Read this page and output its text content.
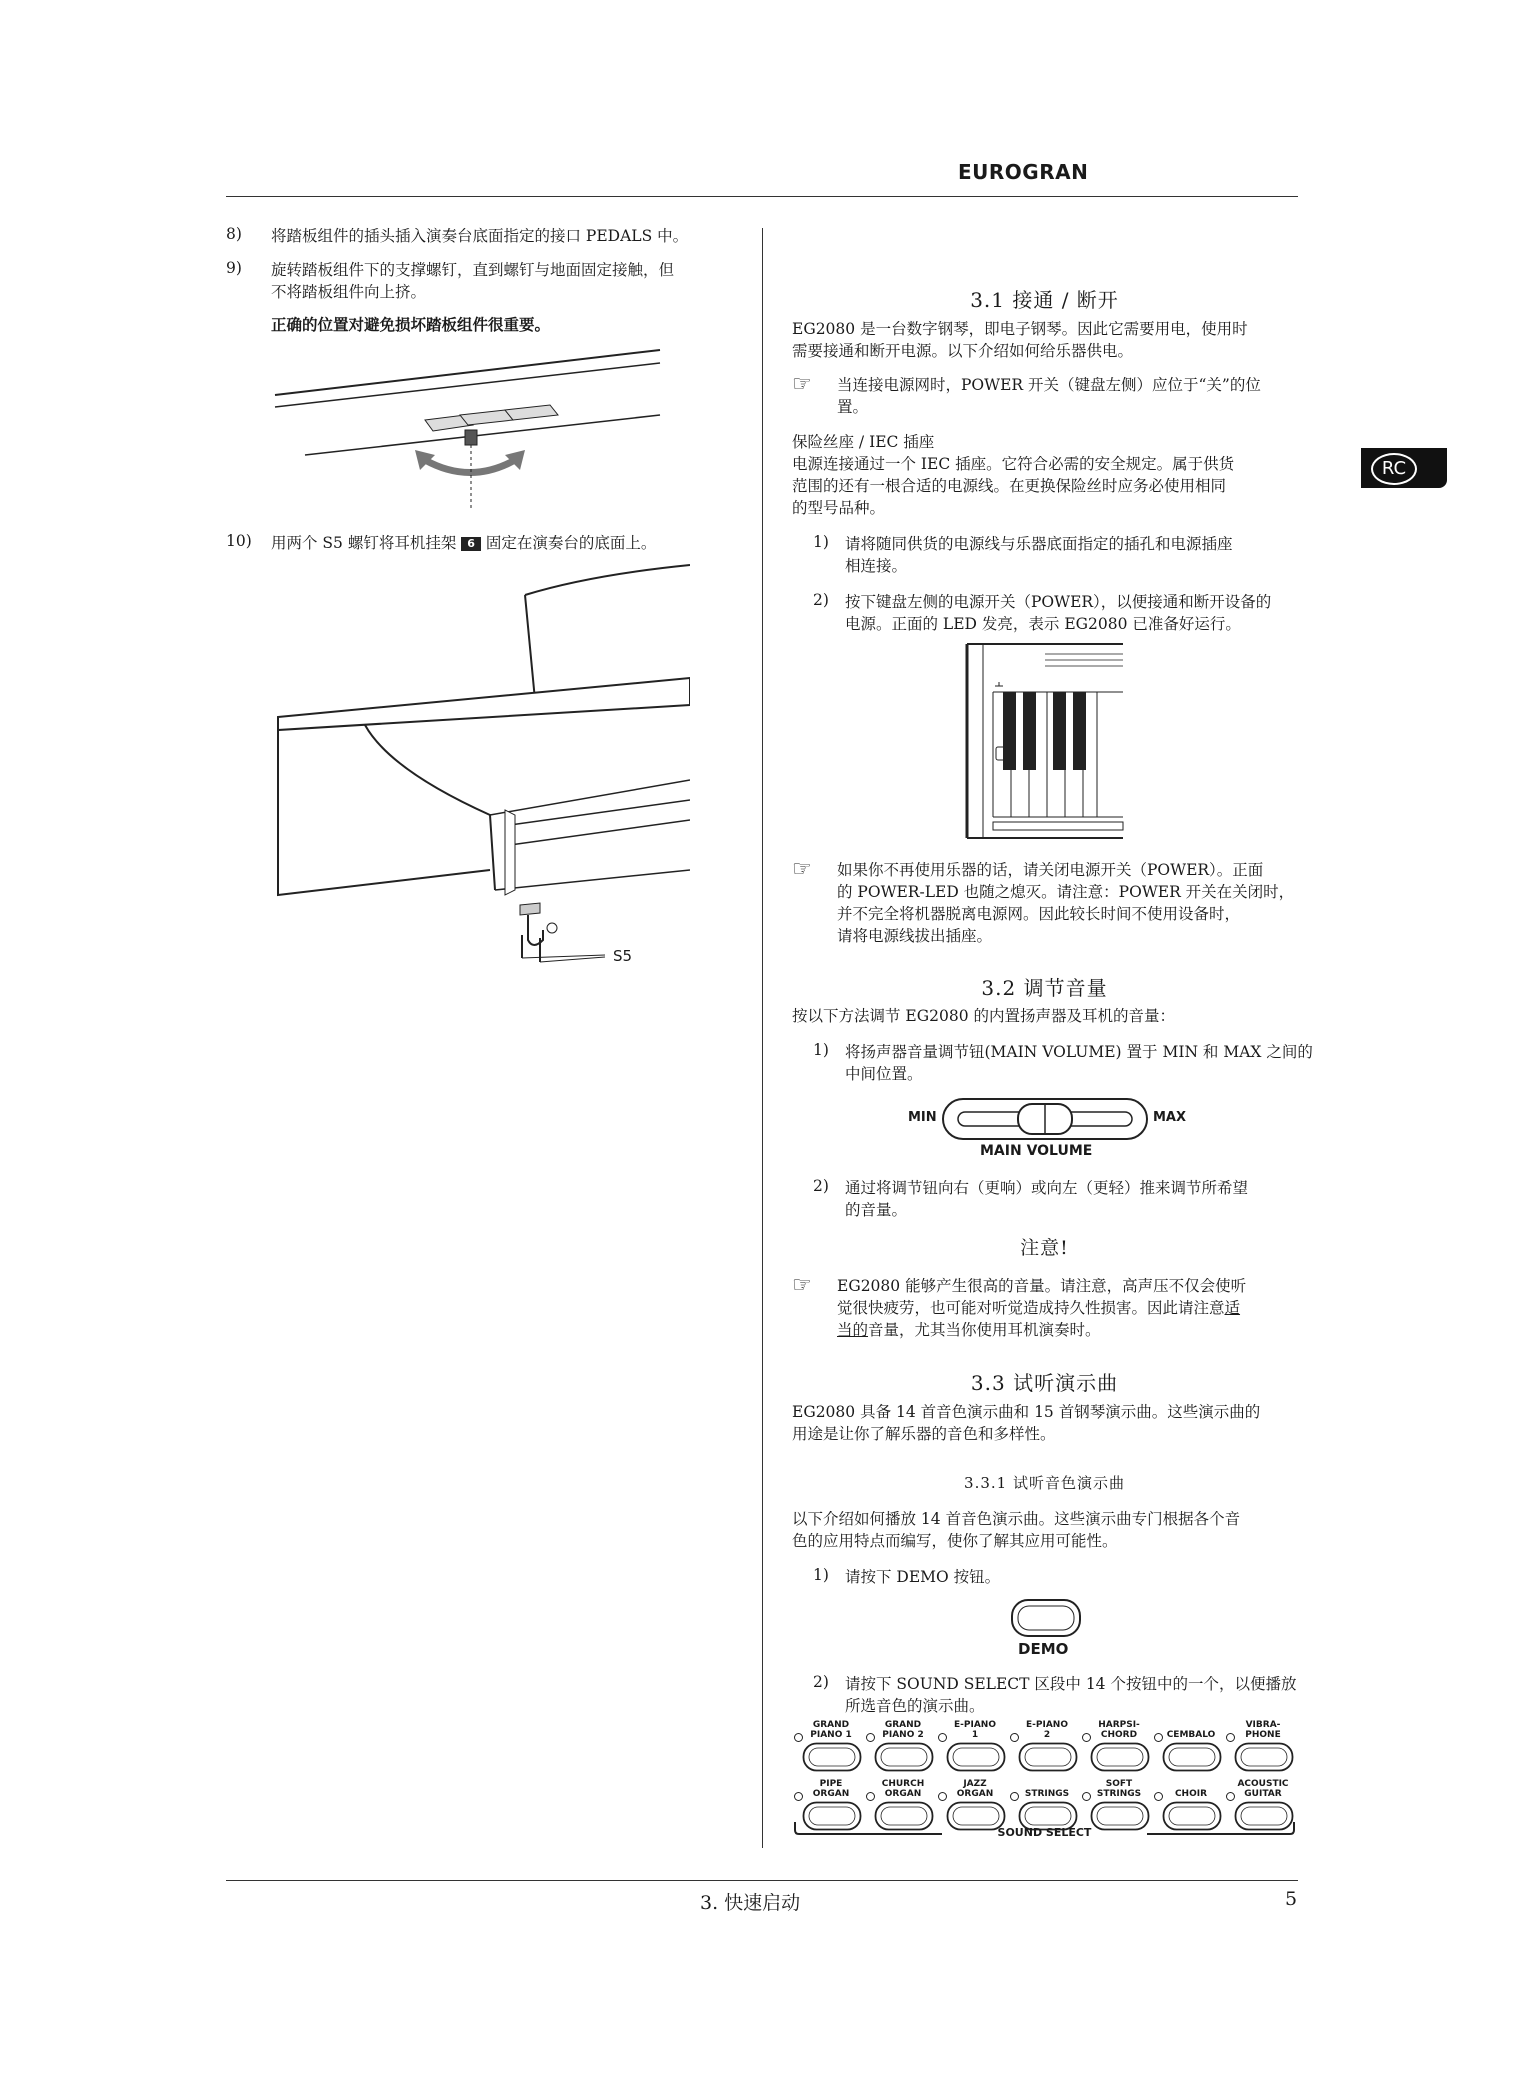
EUROGRAN
RC
8) 将踏板组件的插头插入演奏台底面指定的接口 PEDALS 中。
9) 旋转踏板组件下的支撑螺钉，直到螺钉与地面固定接触，但
不将踏板组件向上挤。
正确的位置对避免损坏踏板组件很重要。
10) 用两个 S5 螺钉将耳机挂架 6 固定在演奏台的底面上。
S5
3.1 接通 / 断开
EG2080 是一台数字钢琴，即电子钢琴。因此它需要用电，使用时
需要接通和断开电源。以下介绍如何给乐器供电。
☞ 当连接电源网时，POWER 开关（键盘左侧）应位于“关”的位
置。
保险丝座 / IEC 插座
电源连接通过一个 IEC 插座。它符合必需的安全规定。属于供货
范围的还有一根合适的电源线。在更换保险丝时应务必使用相同
的型号品种。
1) 请将随同供货的电源线与乐器底面指定的插孔和电源插座
相连接。
2) 按下键盘左侧的电源开关（POWER），以便接通和断开设备的
电源。正面的 LED 发亮，表示 EG2080 已准备好运行。
☞ 如果你不再使用乐器的话，请关闭电源开关（POWER）。正面
的 POWER-LED 也随之熄灭。请注意：POWER 开关在关闭时，
并不完全将机器脱离电源网。因此较长时间不使用设备时，
请将电源线拔出插座。
3.2 调节音量
按以下方法调节 EG2080 的内置扬声器及耳机的音量：
1) 将扬声器音量调节钮(MAIN VOLUME) 置于 MIN 和 MAX 之间的
中间位置。
MIN	MAX
MAIN VOLUME
2) 通过将调节钮向右（更响）或向左（更轻）推来调节所希望
的音量。
注意!
☞ EG2080 能够产生很高的音量。请注意，高声压不仅会使听
觉很快疲劳，也可能对听觉造成持久性损害。因此请注意适
当的音量，尤其当你使用耳机演奏时。
3.3 试听演示曲
EG2080 具备 14 首音色演示曲和 15 首钢琴演示曲。这些演示曲的
用途是让你了解乐器的音色和多样性。
3.3.1 试听音色演示曲
以下介绍如何播放 14 首音色演示曲。这些演示曲专门根据各个音
色的应用特点而编写，使你了解其应用可能性。
1) 请按下 DEMO 按钮。
DEMO
2) 请按下 SOUND SELECT 区段中 14 个按钮中的一个，以便播放
所选音色的演示曲。
GRAND
PIANO 1
GRAND
PIANO 2
E-PIANO
1
E-PIANO
2
HARPSI-
CHORD
	CEMBALO
VIBRA-
PHONE
PIPE
ORGAN
CHURCH
ORGAN
JAZZ
ORGAN
	STRINGS
SOFT
STRINGS
	CHOIR
ACOUSTIC
GUITAR
SOUND SELECT
3. 快速启动	5
